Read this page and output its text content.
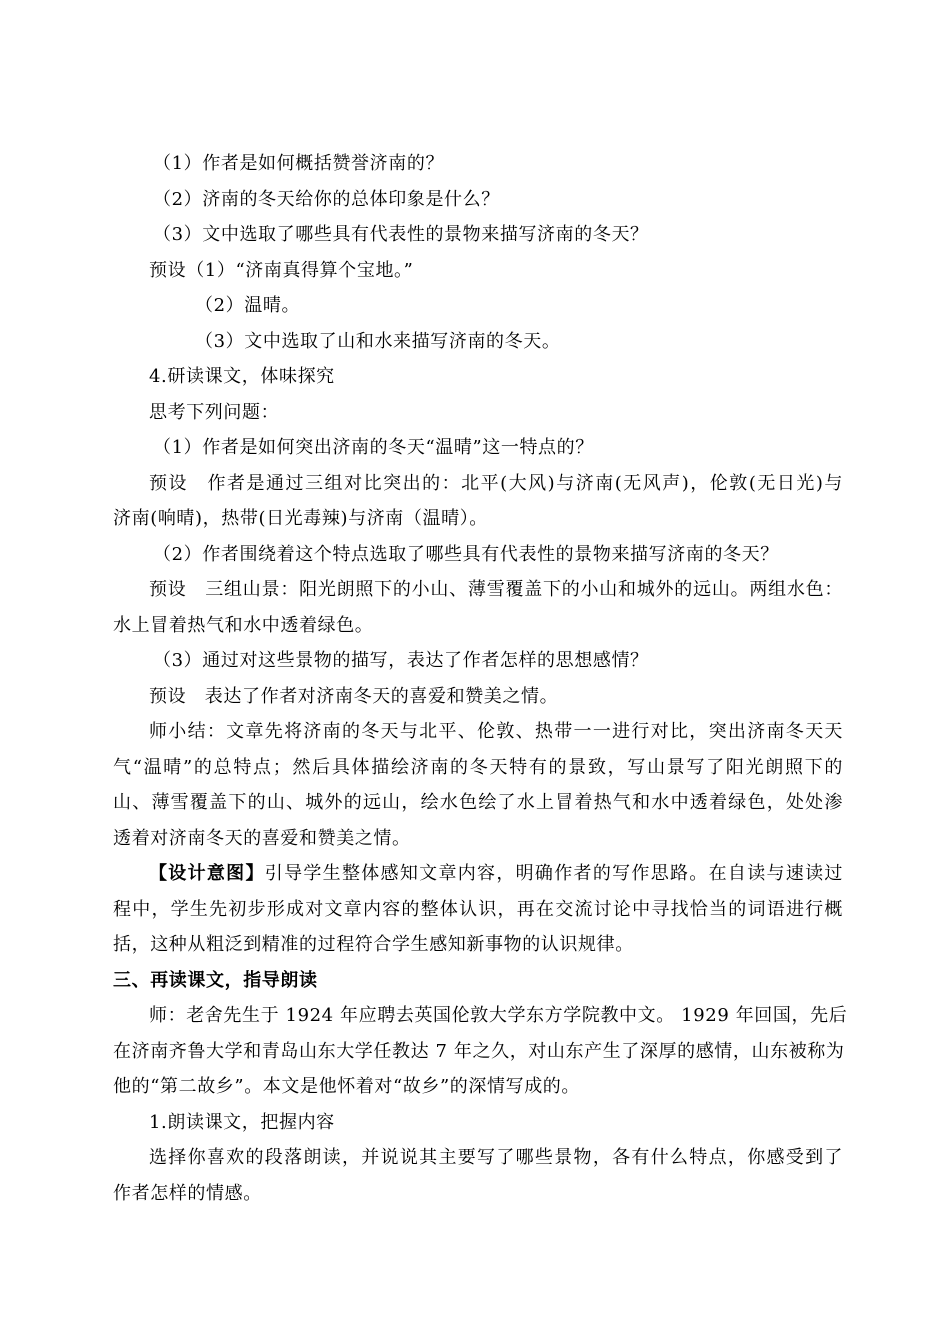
（1）作者是如何概括赞誉济南的？
（2）济南的冬天给你的总体印象是什么？
（3）文中选取了哪些具有代表性的景物来描写济南的冬天？
预设（1）“济南真得算个宝地。”
（2）温晴。
（3）文中选取了山和水来描写济南的冬天。
4.研读课文，体味探究
思考下列问题：
（1）作者是如何突出济南的冬天“温晴”这一特点的？
预设　作者是通过三组对比突出的：北平(大风)与济南(无风声)，伦敦(无日光)与
济南(响晴)，热带(日光毒辣)与济南（温晴）。
（2）作者围绕着这个特点选取了哪些具有代表性的景物来描写济南的冬天？
预设　三组山景：阳光朗照下的小山、薄雪覆盖下的小山和城外的远山。两组水色：
水上冒着热气和水中透着绿色。
（3）通过对这些景物的描写，表达了作者怎样的思想感情？
预设　表达了作者对济南冬天的喜爱和赞美之情。
师小结：文章先将济南的冬天与北平、伦敦、热带一一进行对比，突出济南冬天天
气“温晴”的总特点；然后具体描绘济南的冬天特有的景致，写山景写了阳光朗照下的
山、薄雪覆盖下的山、城外的远山，绘水色绘了水上冒着热气和水中透着绿色，处处渗
透着对济南冬天的喜爱和赞美之情。
【设计意图】引导学生整体感知文章内容，明确作者的写作思路。在自读与速读过
程中，学生先初步形成对文章内容的整体认识，再在交流讨论中寻找恰当的词语进行概
括，这种从粗泛到精准的过程符合学生感知新事物的认识规律。
三、再读课文，指导朗读
师：老舍先生于 1924 年应聘去英国伦敦大学东方学院教中文。 1929 年回国，先后
在济南齐鲁大学和青岛山东大学任教达 7 年之久，对山东产生了深厚的感情，山东被称为
他的“第二故乡”。本文是他怀着对“故乡”的深情写成的。
1.朗读课文，把握内容
选择你喜欢的段落朗读，并说说其主要写了哪些景物，各有什么特点，你感受到了
作者怎样的情感。
